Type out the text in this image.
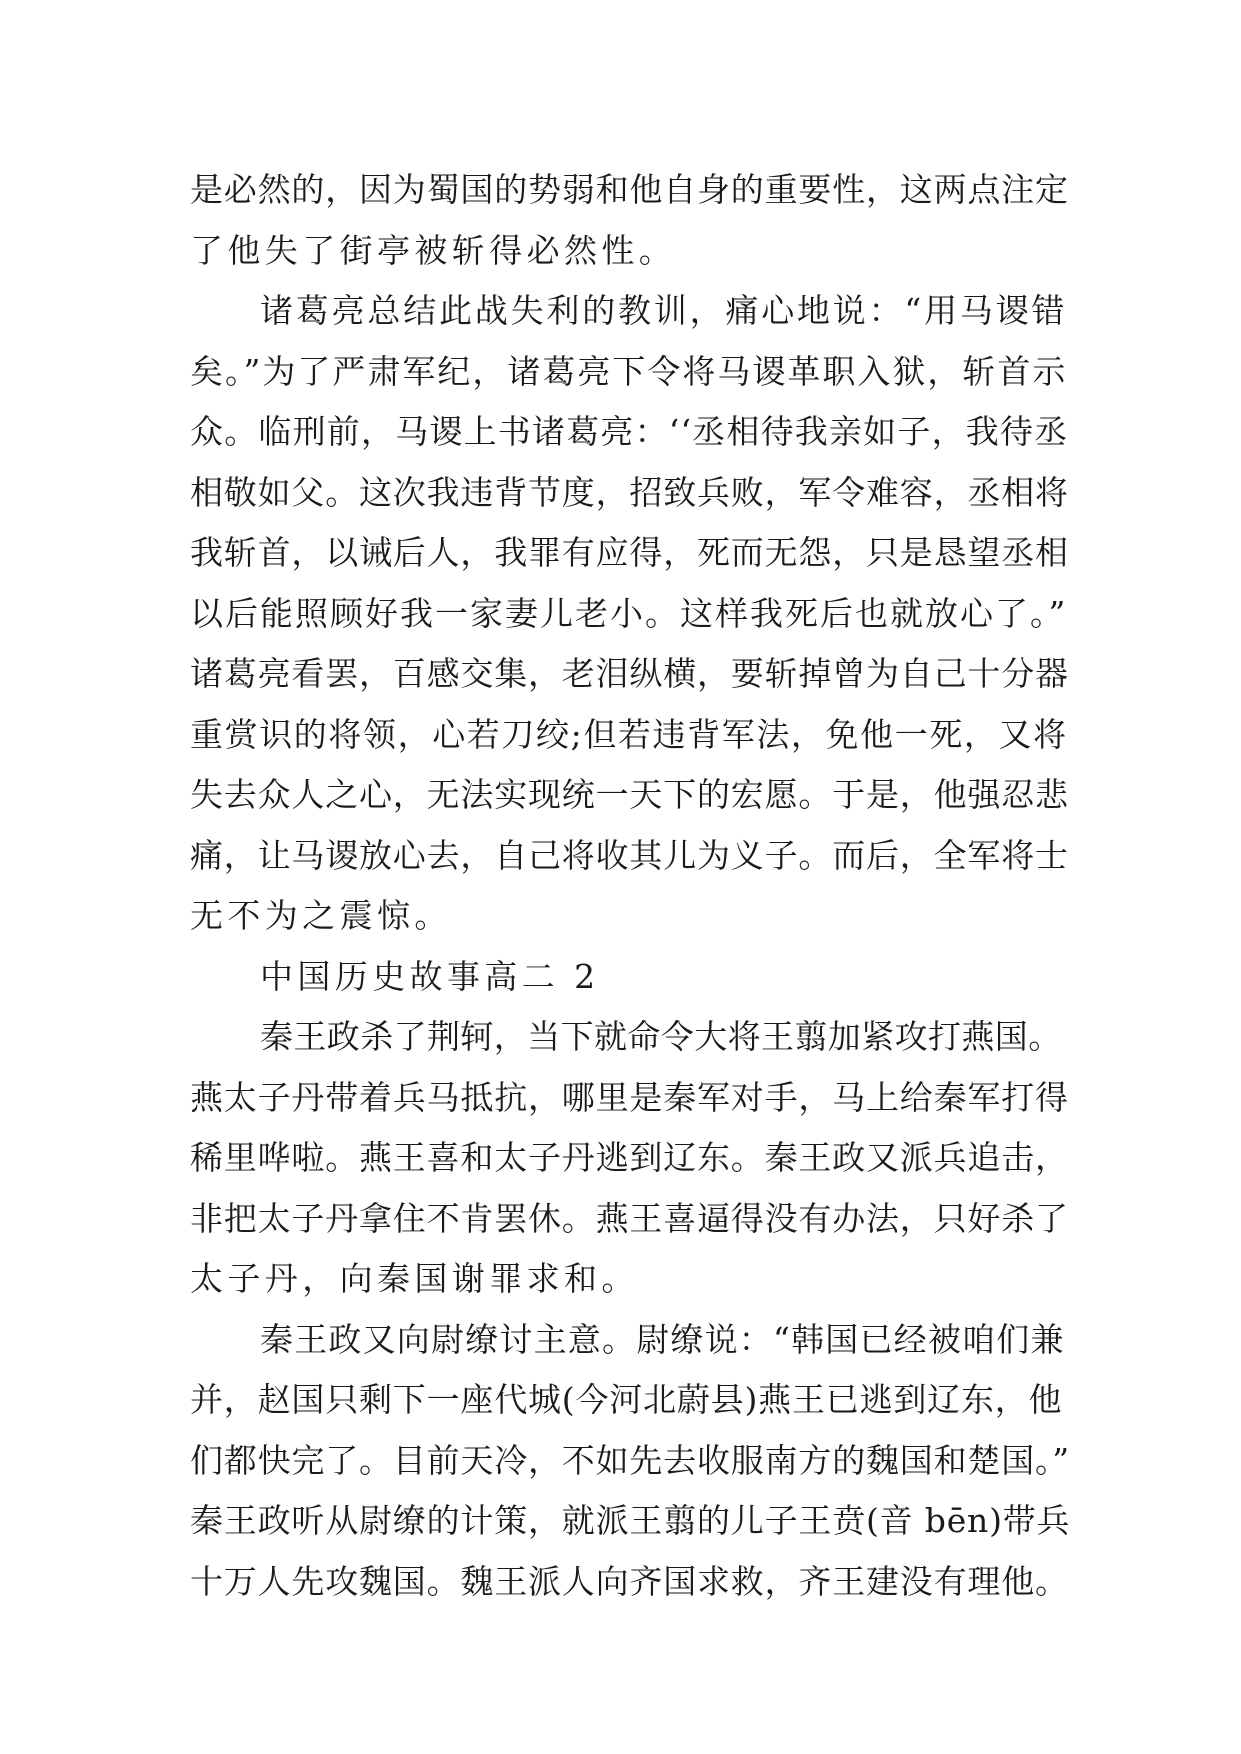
是必然的，因为蜀国的势弱和他自身的重要性，这两点注定
了他失了街亭被斩得必然性。
诸葛亮总结此战失利的教训，痛心地说：“用马谡错
矣。”为了严肃军纪，诸葛亮下令将马谡革职入狱，斩首示
众。临刑前，马谡上书诸葛亮：‘‘丞相待我亲如子，我待丞
相敬如父。这次我违背节度，招致兵败，军令难容，丞相将
我斩首，以诫后人，我罪有应得，死而无怨，只是恳望丞相
以后能照顾好我一家妻儿老小。这样我死后也就放心了。”
诸葛亮看罢，百感交集，老泪纵横，要斩掉曾为自己十分器
重赏识的将领，心若刀绞;但若违背军法，免他一死，又将
失去众人之心，无法实现统一天下的宏愿。于是，他强忍悲
痛，让马谡放心去，自己将收其儿为义子。而后，全军将士
无不为之震惊。
中国历史故事高二 2
秦王政杀了荆轲，当下就命令大将王翦加紧攻打燕国。
燕太子丹带着兵马抵抗，哪里是秦军对手，马上给秦军打得
稀里哗啦。燕王喜和太子丹逃到辽东。秦王政又派兵追击，
非把太子丹拿住不肯罢休。燕王喜逼得没有办法，只好杀了
太子丹，向秦国谢罪求和。
秦王政又向尉缭讨主意。尉缭说：“韩国已经被咱们兼
并，赵国只剩下一座代城(今河北蔚县)燕王已逃到辽东，他
们都快完了。目前天冷，不如先去收服南方的魏国和楚国。”
秦王政听从尉缭的计策，就派王翦的儿子王贲(音 bēn)带兵
十万人先攻魏国。魏王派人向齐国求救，齐王建没有理他。
